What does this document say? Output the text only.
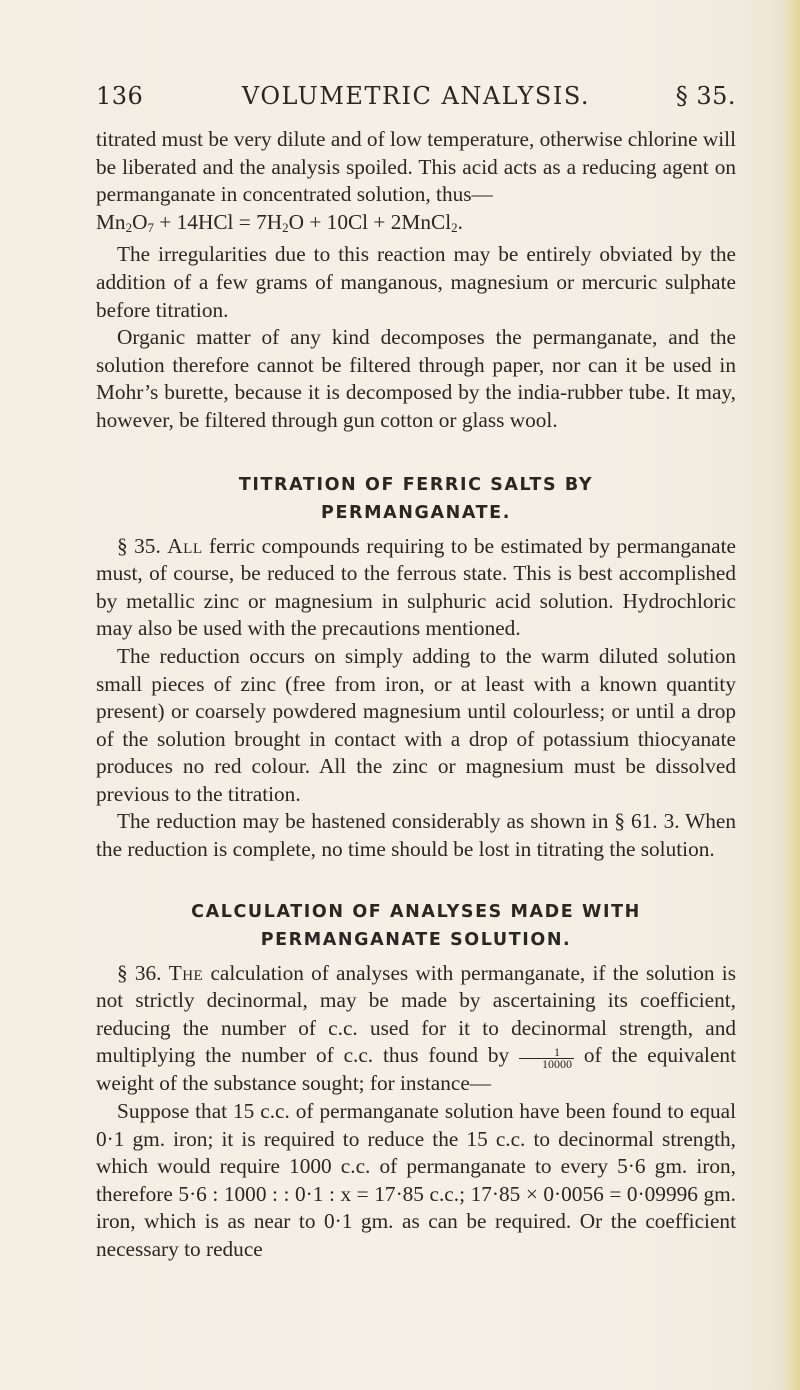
136	VOLUMETRIC ANALYSIS.	§ 35.

titrated must be very dilute and of low temperature, otherwise chlorine will be liberated and the analysis spoiled. This acid acts as a reducing agent on permanganate in concentrated solution, thus—

$Mn_2O_7 + 14HCl = 7H_2O + 10Cl$ + 2MnCl$_2$.

The irregularities due to this reaction may be entirely obviated by the addition of a few grams of manganous, magnesium or mercuric sulphate before titration.

Organic matter of any kind decomposes the permanganate, and the solution therefore cannot be filtered through paper, nor can it be used in Mohr’s burette, because it is decomposed by the india-rubber tube. It may, however, be filtered through gun cotton or glass wool.

TITRATION OF FERRIC SALTS BY
PERMANGANATE.

§ 35. All ferric compounds requiring to be estimated by permanganate must, of course, be reduced to the ferrous state. This is best accomplished by metallic zinc or magnesium in sulphuric acid solution. Hydrochloric may also be used with the precautions mentioned.

The reduction occurs on simply adding to the warm diluted solution small pieces of zinc (free from iron, or at least with a known quantity present) or coarsely powdered magnesium until colourless; or until a drop of the solution brought in contact with a drop of potassium thiocyanate produces no red colour. All the zinc or magnesium must be dissolved previous to the titration.

The reduction may be hastened considerably as shown in § 61. 3. When the reduction is complete, no time should be lost in titrating the solution.

CALCULATION OF ANALYSES MADE WITH
PERMANGANATE SOLUTION.

§ 36. The calculation of analyses with permanganate, if the solution is not strictly decinormal, may be made by ascertaining its coefficient, reducing the number of c.c. used for it to decinormal strength, and multiplying the number of c.c. thus found by $\frac{1}{10000}$ of the equivalent weight of the substance sought; for instance—

Suppose that 15 c.c. of permanganate solution have been found to equal 0·1 gm. iron; it is required to reduce the 15 c.c. to decinormal strength, which would require 1000 c.c. of permanganate to every 5·6 gm. iron, therefore 5·6 : 1000 : : 0·1 : x = 17·85 c.c.; 17·85 × 0·0056 = 0·09996 gm. iron, which is as near to 0·1 gm. as can be required. Or the coefficient necessary to reduce
